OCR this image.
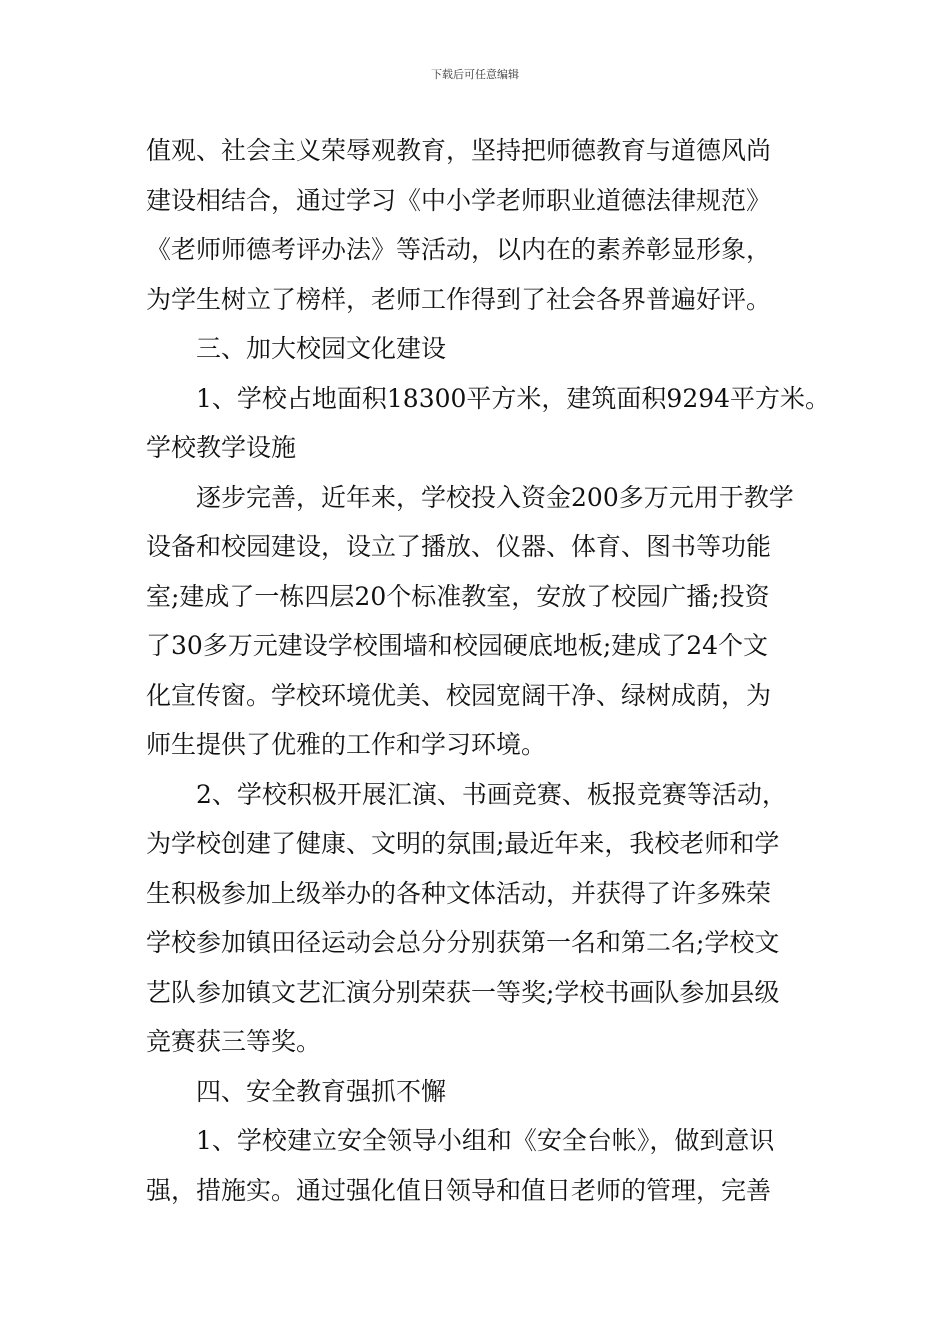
下载后可任意编辑
值观、社会主义荣辱观教育，坚持把师德教育与道德风尚
建设相结合，通过学习《中小学老师职业道德法律规范》
《老师师德考评办法》等活动，以内在的素养彰显形象，
为学生树立了榜样，老师工作得到了社会各界普遍好评。
三、加大校园文化建设
1、学校占地面积18300平方米，建筑面积9294平方米。
学校教学设施
逐步完善，近年来，学校投入资金200多万元用于教学
设备和校园建设，设立了播放、仪器、体育、图书等功能
室;建成了一栋四层20个标准教室，安放了校园广播;投资
了30多万元建设学校围墙和校园硬底地板;建成了24个文
化宣传窗。学校环境优美、校园宽阔干净、绿树成荫，为
师生提供了优雅的工作和学习环境。
2、学校积极开展汇演、书画竞赛、板报竞赛等活动，
为学校创建了健康、文明的氛围;最近年来，我校老师和学
生积极参加上级举办的各种文体活动，并获得了许多殊荣
学校参加镇田径运动会总分分别获第一名和第二名;学校文
艺队参加镇文艺汇演分别荣获一等奖;学校书画队参加县级
竞赛获三等奖。
四、安全教育强抓不懈
1、学校建立安全领导小组和《安全台帐》，做到意识
强，措施实。通过强化值日领导和值日老师的管理，完善
